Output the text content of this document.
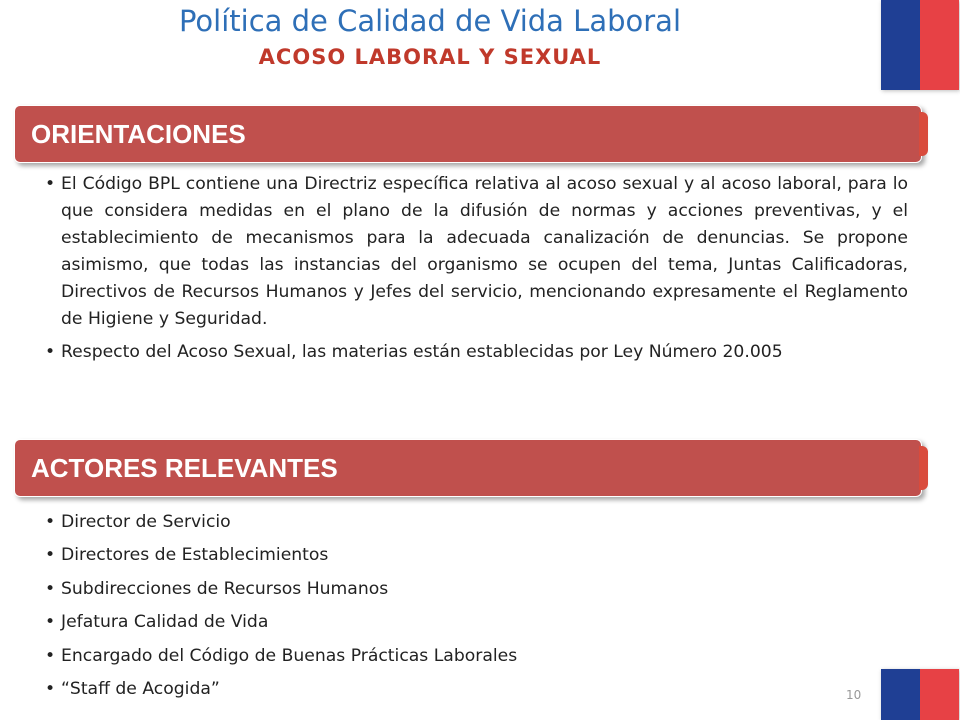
Política de Calidad de Vida Laboral
ACOSO LABORAL Y SEXUAL
ORIENTACIONES
• El Código BPL contiene una Directriz específica relativa al acoso sexual y al acoso laboral, para lo que considera medidas en el plano de la difusión de normas y acciones preventivas, y el establecimiento de mecanismos para la adecuada canalización de denuncias. Se propone asimismo, que todas las instancias del organismo se ocupen del tema, Juntas Calificadoras, Directivos de Recursos Humanos y Jefes del servicio, mencionando expresamente el Reglamento de Higiene y Seguridad.
• Respecto del Acoso Sexual, las materias están establecidas por Ley Número 20.005
ACTORES RELEVANTES
• Director de Servicio
• Directores de Establecimientos
• Subdirecciones de Recursos Humanos
• Jefatura Calidad de Vida
• Encargado del Código de Buenas Prácticas Laborales
• “Staff de Acogida”	10
